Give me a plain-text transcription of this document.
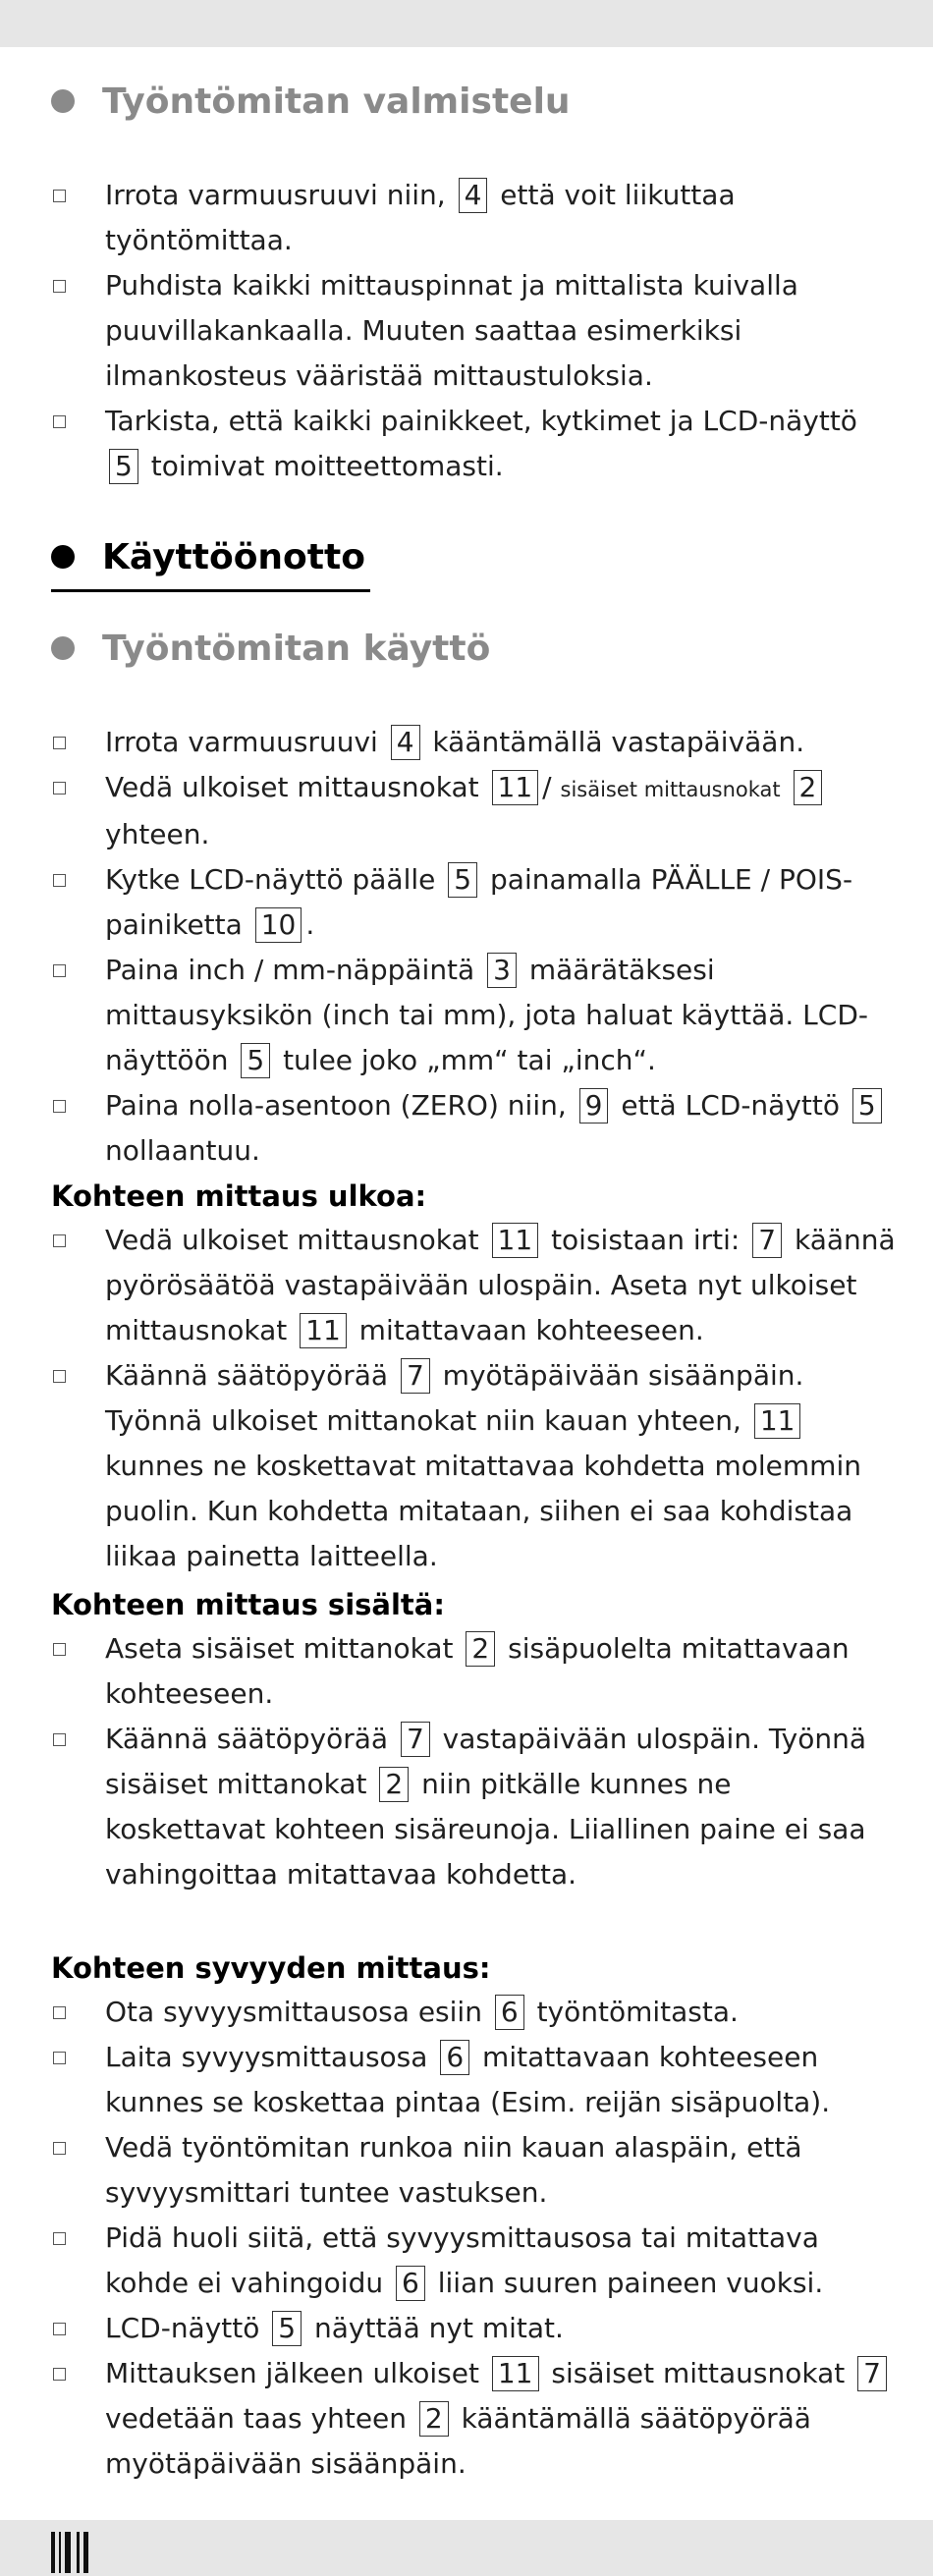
Työntömitan valmistelu
Irrota varmuusruuvi niin, 4 että voit liikuttaa työntömittaa.
Puhdista kaikki mittauspinnat ja mittalista kuivalla puuvillakankaalla. Muuten saattaa esimerkiksi ilmankosteus vääristää mittaustuloksia.
Tarkista, että kaikki painikkeet, kytkimet ja LCD-näyttö 5 toimivat moitteettomasti.
Käyttöönotto
Työntömitan käyttö
Irrota varmuusruuvi 4 kääntämällä vastapäivään.
Vedä ulkoiset mittausnokat 11 / sisäiset mittausnokat 2 yhteen.
Kytke LCD-näyttö päälle 5 painamalla PÄÄLLE / POIS-painiketta 10 .
Paina inch / mm-näppäintä 3 määrätäksesi mittausyksikön (inch tai mm), jota haluat käyttää. LCD-näyttöön 5 tulee joko „mm“ tai „inch“.
Paina nolla-asentoon (ZERO) niin, 9 että LCD-näyttö 5 nollaantuu.
Kohteen mittaus ulkoa:
Vedä ulkoiset mittausnokat 11 toisistaan irti: 7 käännä pyörösäätöä vastapäivään ulospäin. Aseta nyt ulkoiset mittausnokat 11 mitattavaan kohteeseen.
Käännä säätöpyörää 7 myötäpäivään sisäänpäin. Työnnä ulkoiset mittanokat niin kauan yhteen, 11 kunnes ne koskettavat mitattavaa kohdetta molemmin puolin. Kun kohdetta mitataan, siihen ei saa kohdistaa liikaa painetta laitteella.
Kohteen mittaus sisältä:
Aseta sisäiset mittanokat 2 sisäpuolelta mitattavaan kohteeseen.
Käännä säätöpyörää 7 vastapäivään ulospäin. Työnnä sisäiset mittanokat 2 niin pitkälle kunnes ne koskettavat kohteen sisäreunoja. Liiallinen paine ei saa vahingoittaa mitattavaa kohdetta.
Kohteen syvyyden mittaus:
Ota syvyysmittausosa esiin 6 työntömitasta.
Laita syvyysmittausosa 6 mitattavaan kohteeseen kunnes se koskettaa pintaa (Esim. reijän sisäpuolta).
Vedä työntömitan runkoa niin kauan alaspäin, että syvyysmittari tuntee vastuksen.
Pidä huoli siitä, että syvyysmittausosa tai mitattava kohde ei vahingoidu 6 liian suuren paineen vuoksi.
LCD-näyttö 5 näyttää nyt mitat.
Mittauksen jälkeen ulkoiset 11 sisäiset mittausnokat 7 vedetään taas yhteen 2 kääntämällä säätöpyörää myötäpäivään sisäänpäin.
